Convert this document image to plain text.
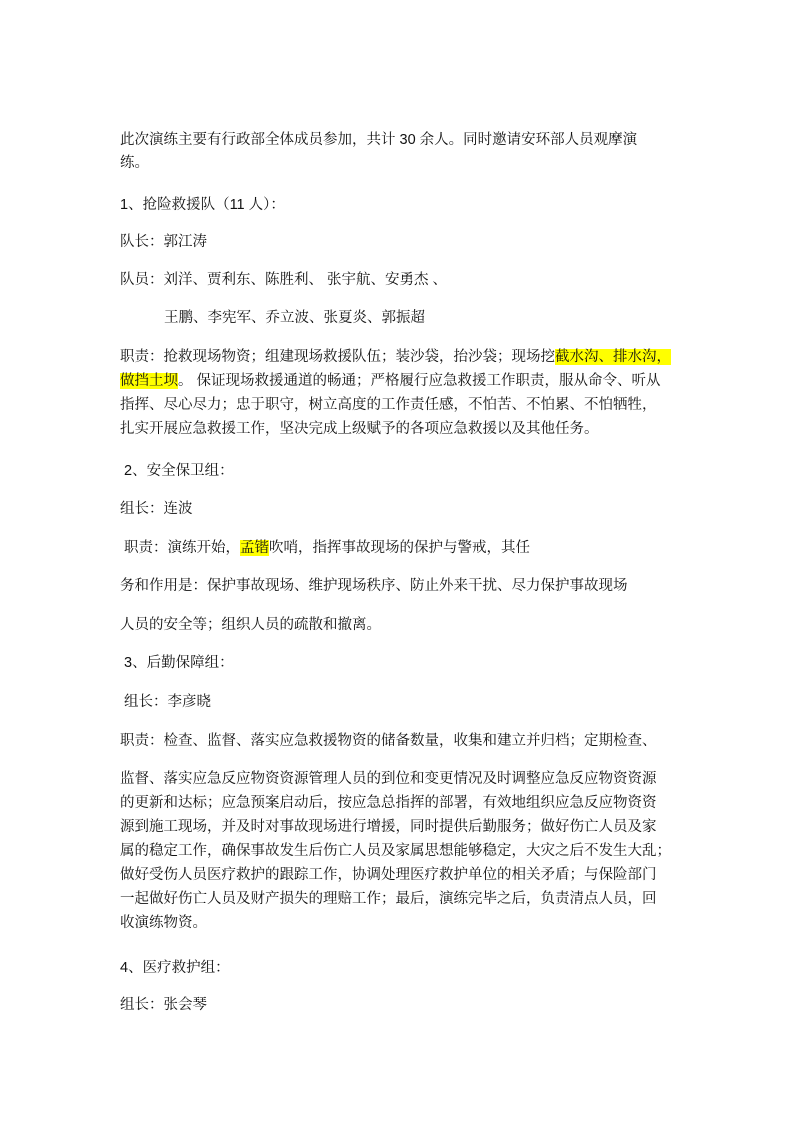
此次演练主要有行政部全体成员参加，共计 30 余人。同时邀请安环部人员观摩演
练。
1、抢险救援队（11 人）：
队长：郭江涛
队员：刘洋、贾利东、陈胜利、 张宇航、安勇杰 、
王鹏、李宪军、乔立波、张夏炎、郭振超
职责：抢救现场物资；组建现场救援队伍；装沙袋，抬沙袋；现场挖截水沟、排水沟，
做挡土坝。 保证现场救援通道的畅通；严格履行应急救援工作职责，服从命令、听从
指挥、尽心尽力；忠于职守，树立高度的工作责任感，不怕苦、不怕累、不怕牺牲，
扎实开展应急救援工作，坚决完成上级赋予的各项应急救援以及其他任务。
2、安全保卫组：
组长：连波
职责：演练开始，孟锴吹哨，指挥事故现场的保护与警戒，其任
务和作用是：保护事故现场、维护现场秩序、防止外来干扰、尽力保护事故现场
人员的安全等；组织人员的疏散和撤离。
3、后勤保障组：
组长：李彦晓
职责：检查、监督、落实应急救援物资的储备数量，收集和建立并归档；定期检查、
监督、落实应急反应物资资源管理人员的到位和变更情况及时调整应急反应物资资源
的更新和达标；应急预案启动后，按应急总指挥的部署，有效地组织应急反应物资资
源到施工现场，并及时对事故现场进行增援，同时提供后勤服务；做好伤亡人员及家
属的稳定工作，确保事故发生后伤亡人员及家属思想能够稳定，大灾之后不发生大乱；
做好受伤人员医疗救护的跟踪工作，协调处理医疗救护单位的相关矛盾；与保险部门
一起做好伤亡人员及财产损失的理赔工作；最后，演练完毕之后，负责清点人员，回
收演练物资。
4、医疗救护组：
组长：张会琴
